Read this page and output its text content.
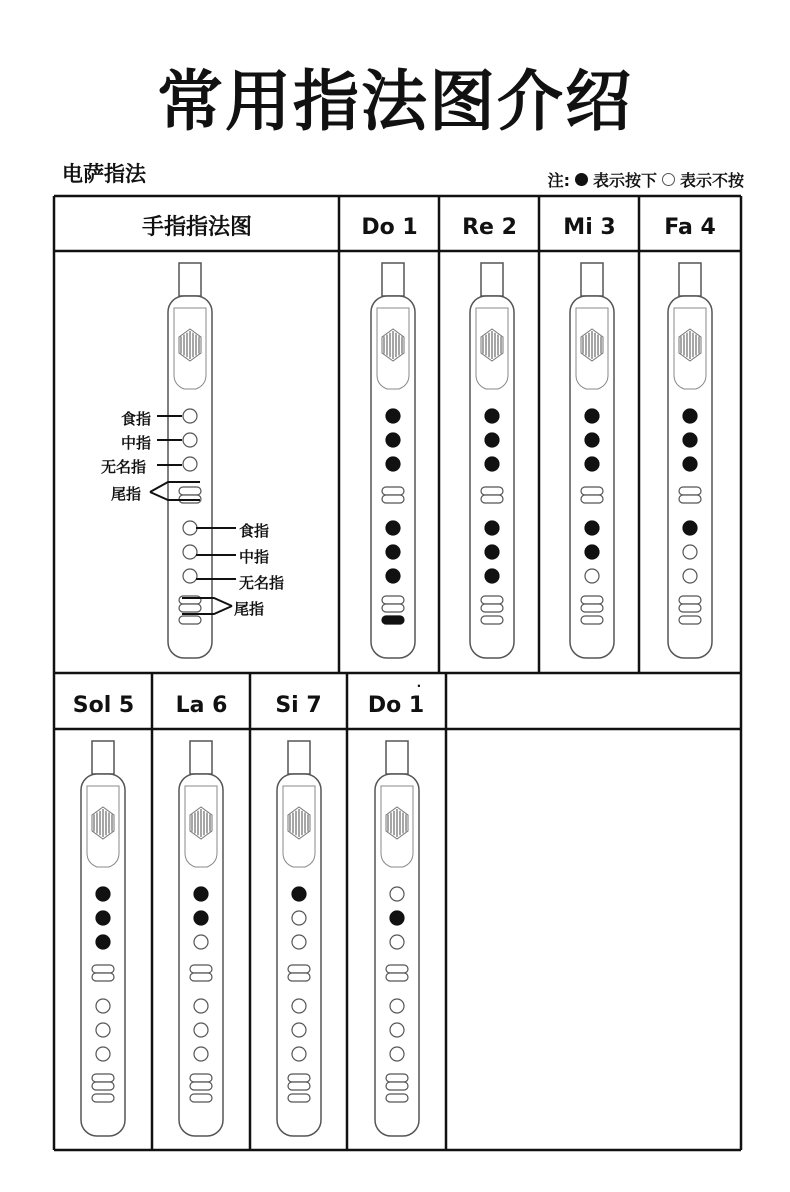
常用指法图介绍
电萨指法	注: 表示按下 表示不按
手指指法图	Do 1	Re 2	Mi 3	Fa 4
Sol 5	La 6	Si 7	Do 1
·
食指
中指
无名指
尾指
食指
中指
无名指
尾指
